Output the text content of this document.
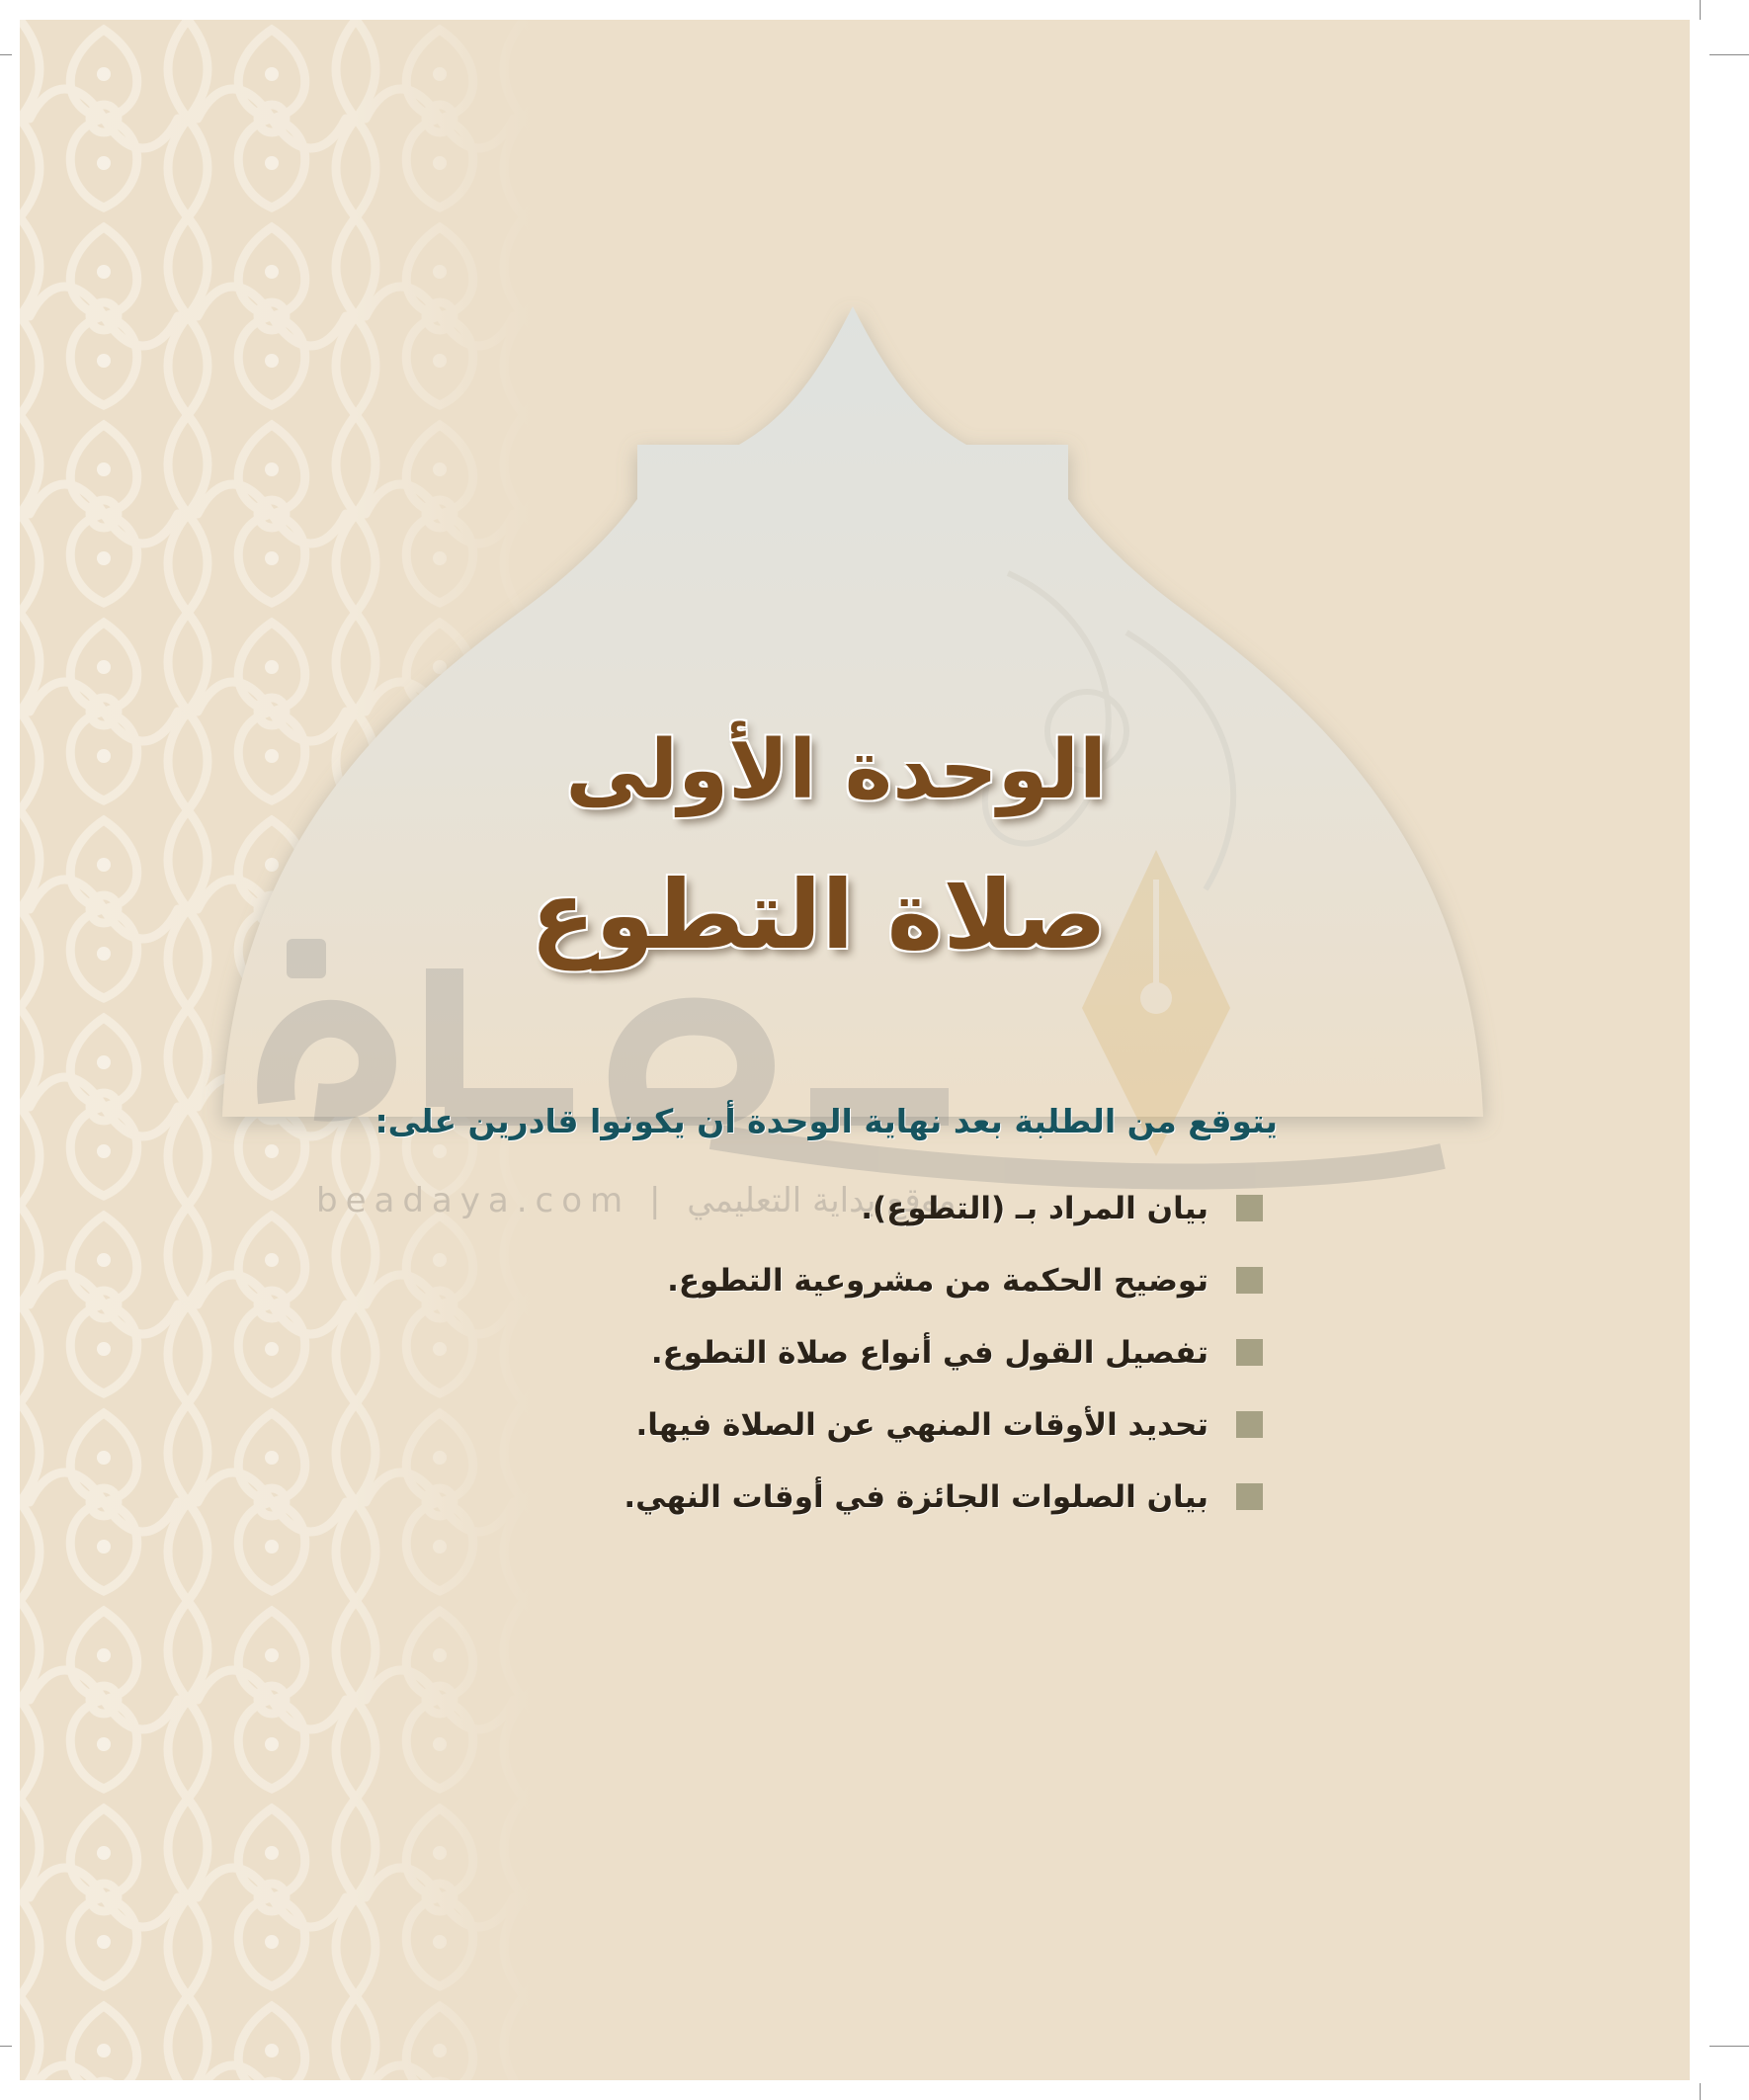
beadaya.com | موقع بداية التعليمي
الوحدة الأولى
صلاة التطوع
يتوقع من الطلبة بعد نهاية الوحدة أن يكونوا قادرين على:
بيان المراد بـ (التطوع).
توضيح الحكمة من مشروعية التطوع.
تفصيل القول في أنواع صلاة التطوع.
تحديد الأوقات المنهي عن الصلاة فيها.
بيان الصلوات الجائزة في أوقات النهي.
